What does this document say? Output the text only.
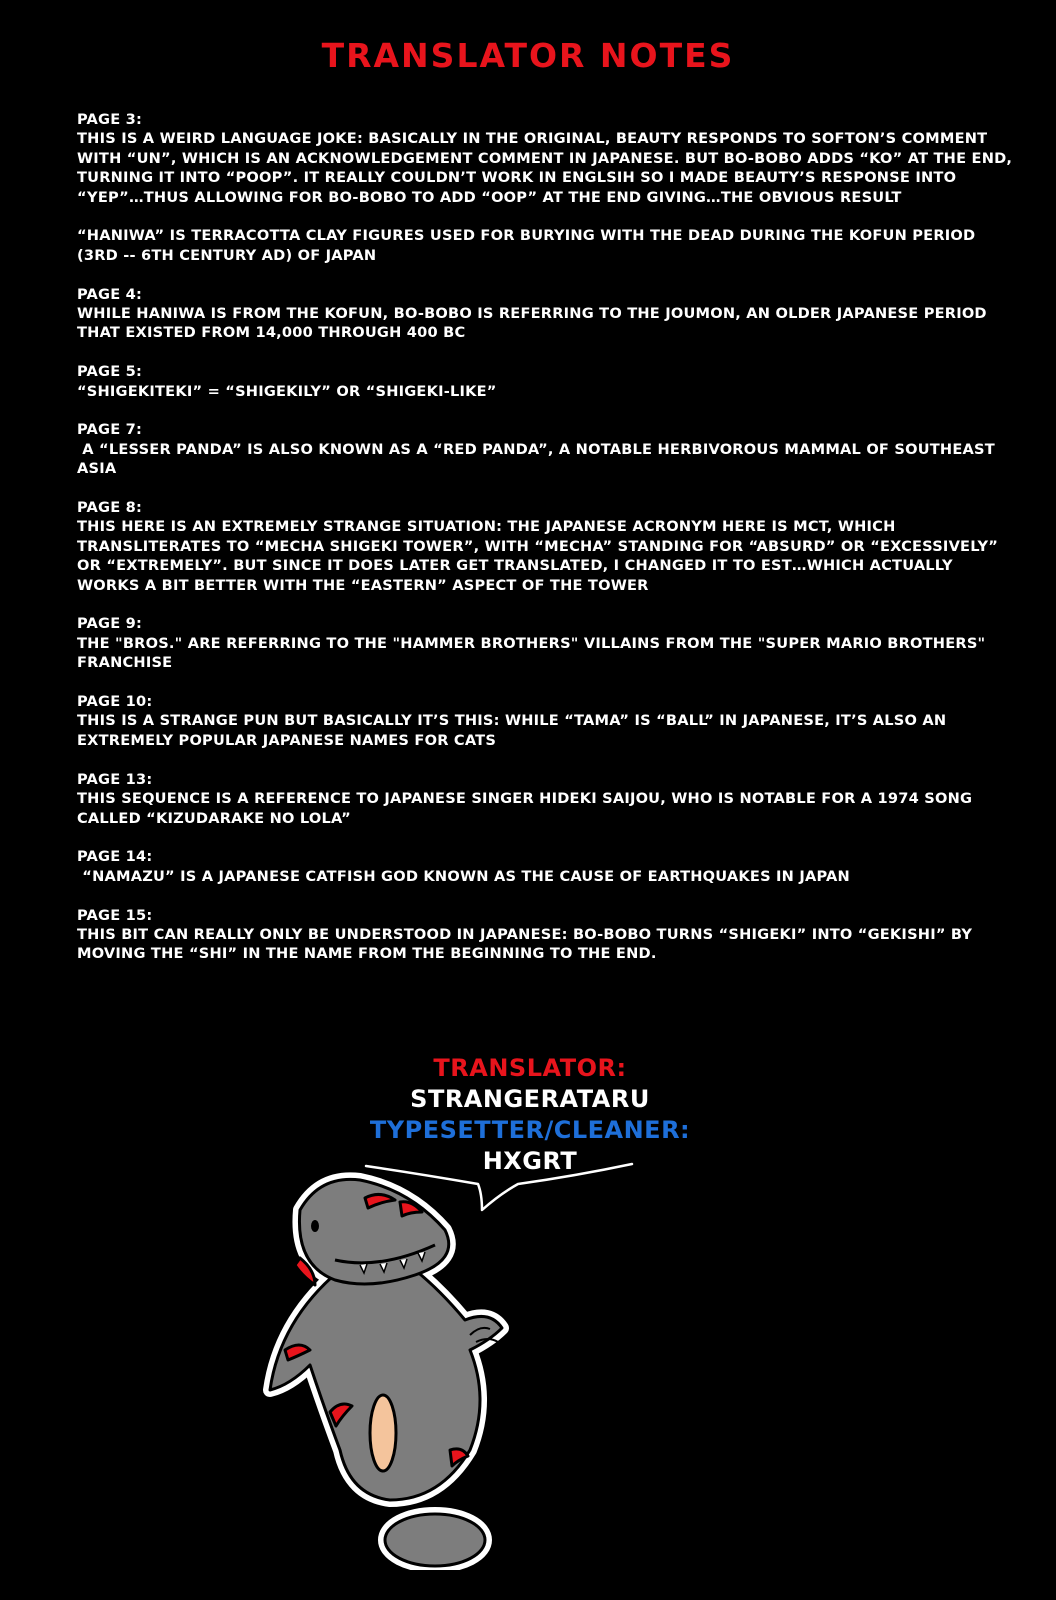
TRANSLATOR NOTES
PAGE 3:
THIS IS A WEIRD LANGUAGE JOKE: BASICALLY IN THE ORIGINAL, BEAUTY RESPONDS TO SOFTON’S COMMENT WITH “UN”, WHICH IS AN ACKNOWLEDGEMENT COMMENT IN JAPANESE. BUT BO-BOBO ADDS “KO” AT THE END, TURNING IT INTO “POOP”. IT REALLY COULDN’T WORK IN ENGLSIH SO I MADE BEAUTY’S RESPONSE INTO “YEP”…THUS ALLOWING FOR BO-BOBO TO ADD “OOP” AT THE END GIVING…THE OBVIOUS RESULT
“HANIWA” IS TERRACOTTA CLAY FIGURES USED FOR BURYING WITH THE DEAD DURING THE KOFUN PERIOD (3RD -- 6TH CENTURY AD) OF JAPAN
PAGE 4:
WHILE HANIWA IS FROM THE KOFUN, BO-BOBO IS REFERRING TO THE JOUMON, AN OLDER JAPANESE PERIOD THAT EXISTED FROM 14,000 THROUGH 400 BC
PAGE 5:
“SHIGEKITEKI” = “SHIGEKILY” OR “SHIGEKI-LIKE”
PAGE 7:
A “LESSER PANDA” IS ALSO KNOWN AS A “RED PANDA”, A NOTABLE HERBIVOROUS MAMMAL OF SOUTHEAST ASIA
PAGE 8:
THIS HERE IS AN EXTREMELY STRANGE SITUATION: THE JAPANESE ACRONYM HERE IS MCT, WHICH TRANSLITERATES TO “MECHA SHIGEKI TOWER”, WITH “MECHA” STANDING FOR “ABSURD” OR “EXCESSIVELY” OR “EXTREMELY”. BUT SINCE IT DOES LATER GET TRANSLATED, I CHANGED IT TO EST…WHICH ACTUALLY WORKS A BIT BETTER WITH THE “EASTERN” ASPECT OF THE TOWER
PAGE 9:
THE "BROS." ARE REFERRING TO THE "HAMMER BROTHERS" VILLAINS FROM THE "SUPER MARIO BROTHERS" FRANCHISE
PAGE 10:
THIS IS A STRANGE PUN BUT BASICALLY IT’S THIS: WHILE “TAMA” IS “BALL” IN JAPANESE, IT’S ALSO AN EXTREMELY POPULAR JAPANESE NAMES FOR CATS
PAGE 13:
THIS SEQUENCE IS A REFERENCE TO JAPANESE SINGER HIDEKI SAIJOU, WHO IS NOTABLE FOR A 1974 SONG CALLED “KIZUDARAKE NO LOLA”
PAGE 14:
“NAMAZU” IS A JAPANESE CATFISH GOD KNOWN AS THE CAUSE OF EARTHQUAKES IN JAPAN
PAGE 15:
THIS BIT CAN REALLY ONLY BE UNDERSTOOD IN JAPANESE: BO-BOBO TURNS “SHIGEKI” INTO “GEKISHI” BY MOVING THE “SHI” IN THE NAME FROM THE BEGINNING TO THE END.
TRANSLATOR:
STRANGERATARU
TYPESETTER/CLEANER:
HXGRT
